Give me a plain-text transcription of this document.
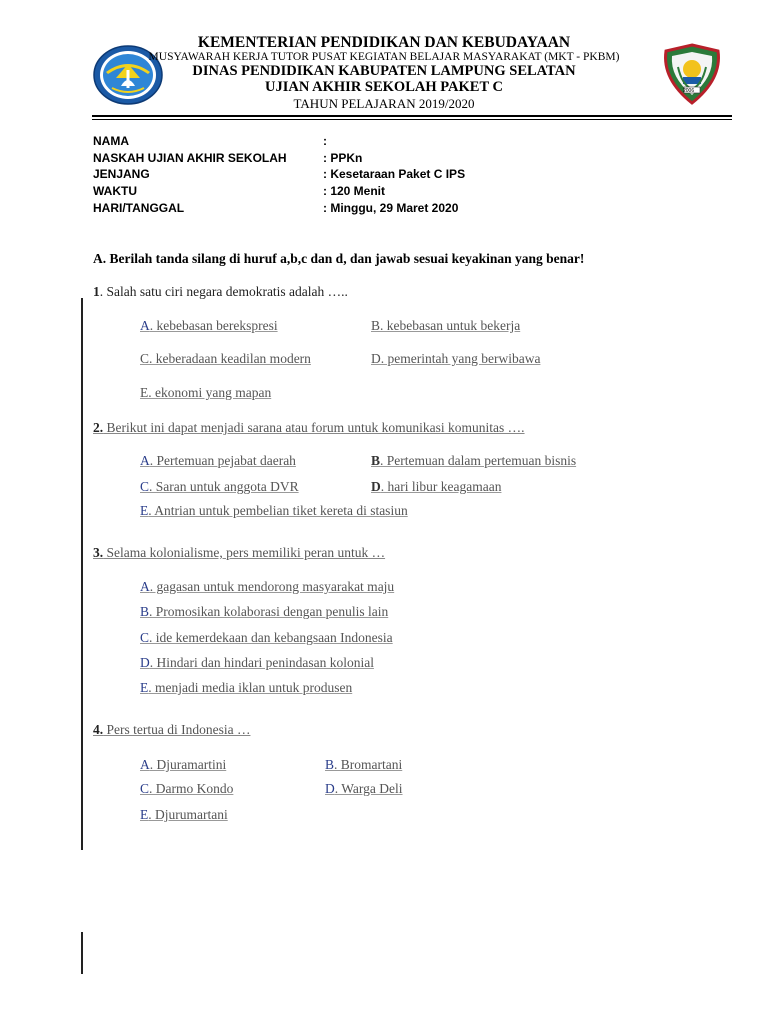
2006
KEMENTERIAN PENDIDIKAN DAN KEBUDAYAAN
MUSYAWARAH KERJA TUTOR PUSAT KEGIATAN BELAJAR MASYARAKAT (MKT - PKBM)
DINAS PENDIDIKAN KABUPATEN LAMPUNG SELATAN
UJIAN AKHIR SEKOLAH PAKET C
TAHUN PELAJARAN 2019/2020
NAMA	:
NASKAH UJIAN AKHIR SEKOLAH	: PPKn
JENJANG	: Kesetaraan Paket C IPS
WAKTU	: 120 Menit
HARI/TANGGAL	: Minggu, 29 Maret 2020
A. Berilah tanda silang di huruf a,b,c dan d, dan jawab sesuai keyakinan yang benar!
1. Salah satu ciri negara demokratis adalah …..
A. kebebasan berekspresi	B. kebebasan untuk bekerja
C. keberadaan keadilan modern	D. pemerintah yang berwibawa
E. ekonomi yang mapan
2. Berikut ini dapat menjadi sarana atau forum untuk komunikasi komunitas ….
A. Pertemuan pejabat daerah	B. Pertemuan dalam pertemuan bisnis
C. Saran untuk anggota DVR	D. hari libur keagamaan
E. Antrian untuk pembelian tiket kereta di stasiun
3. Selama kolonialisme, pers memiliki peran untuk …
A. gagasan untuk mendorong masyarakat maju
B. Promosikan kolaborasi dengan penulis lain
C. ide kemerdekaan dan kebangsaan Indonesia
D. Hindari dan hindari penindasan kolonial
E. menjadi media iklan untuk produsen
4. Pers tertua di Indonesia …
A. Djuramartini	B. Bromartani
C. Darmo Kondo	D. Warga Deli
E. Djurumartani
